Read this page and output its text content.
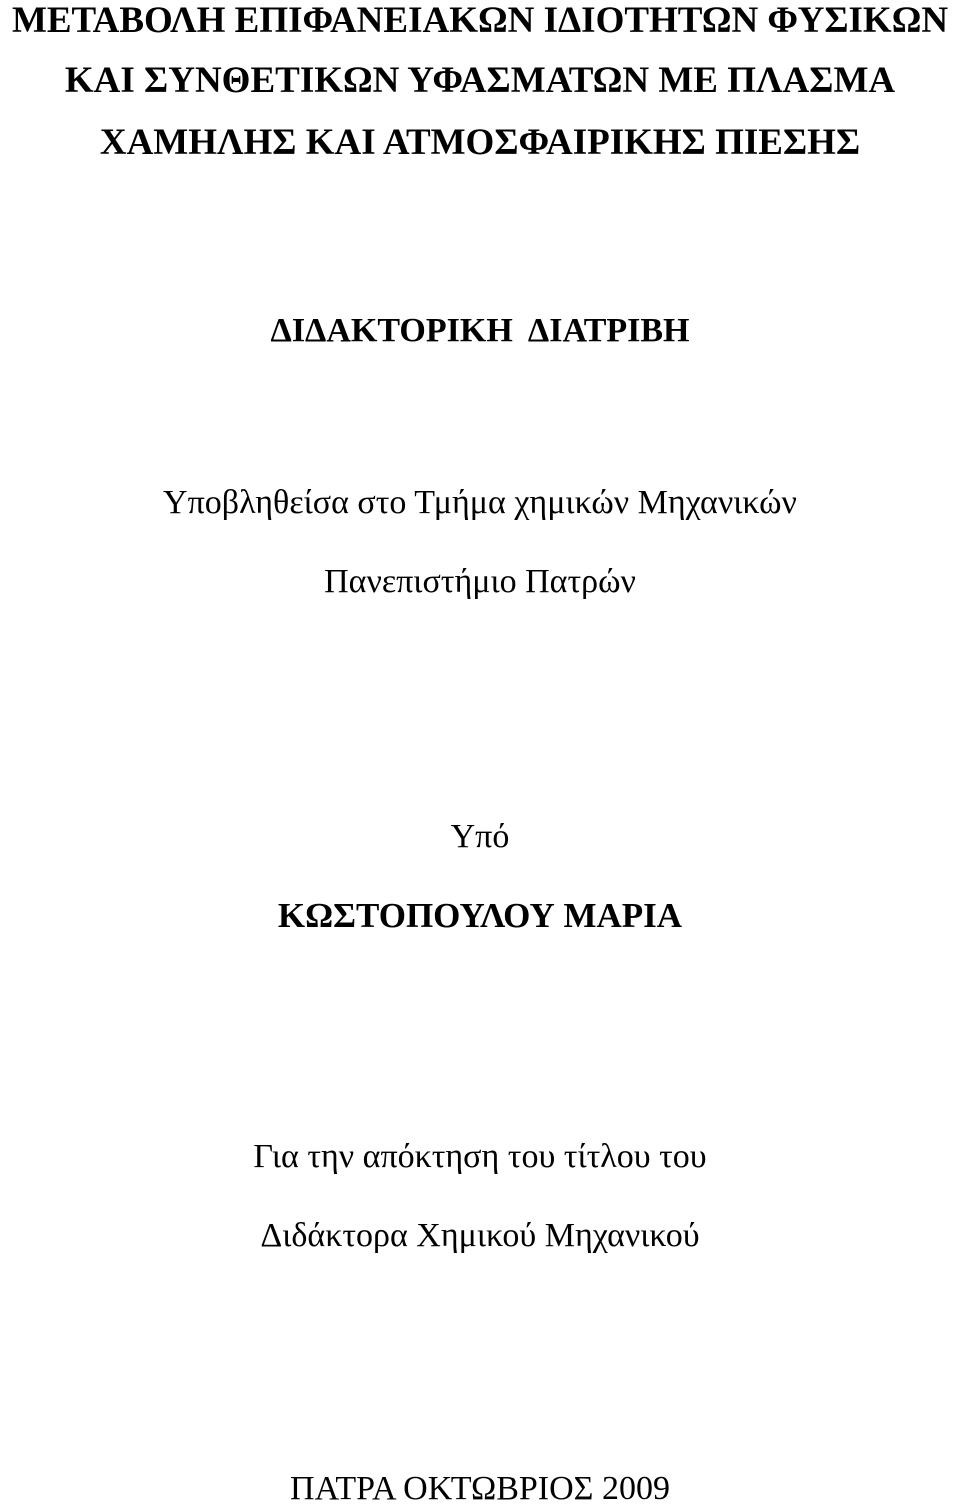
ΜΕΤΑΒΟΛΗ ΕΠΙΦΑΝΕΙΑΚΩΝ ΙΔΙΟΤΗΤΩΝ ΦΥΣΙΚΩΝ
ΚΑΙ ΣΥΝΘΕΤΙΚΩΝ ΥΦΑΣΜΑΤΩΝ ΜΕ ΠΛΑΣΜΑ
ΧΑΜΗΛΗΣ ΚΑΙ ΑΤΜΟΣΦΑΙΡΙΚΗΣ ΠΙΕΣΗΣ
ΔΙΔΑΚΤΟΡΙΚΗ  ΔΙΑΤΡΙΒΗ
Υποβληθείσα στο Τμήμα χημικών Μηχανικών
Πανεπιστήμιο Πατρών
Υπό
ΚΩΣΤΟΠΟΥΛΟΥ ΜΑΡΙΑ
Για την απόκτηση του τίτλου του
Διδάκτορα Χημικού Μηχανικού
ΠΑΤΡΑ ΟΚΤΩΒΡΙΟΣ 2009
